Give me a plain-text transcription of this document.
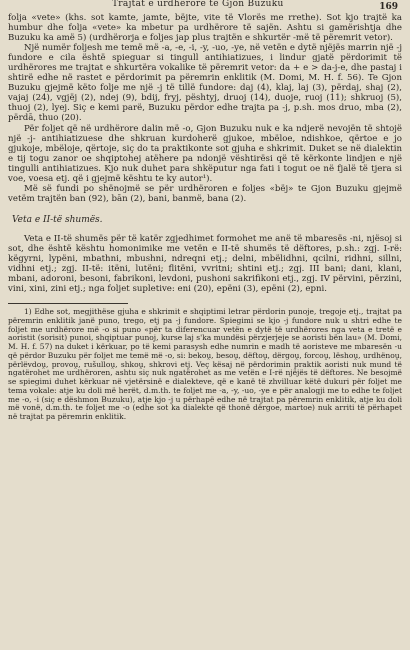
Trajtat e urdhërore te Gjon Buzuku	169

folja «vete» (khs. sot kamte, jamte, bëjte, vite të Vlorës me rrethe). Sot kjo trajtë ka humbur dhe folja «vete» ka mbetur pa urdhërore të sajën. Ashtu si gamërishtja dhe Buzuku ka amë 5) (urdhërorja e foljes jap plus trajtën e shkurtër -më të përemrit vetor).

Një numër foljesh me temë më -a, -e, -i, -y, -uo, -ye, në vetën e dytë njëjës marrin një -j fundore e cila është spieguar si tingull antihiatizues, i lindur gjatë përdorimit të urdhërores me trajtat e shkurtëra vokalike të përemrit vetor: da + e > da-j-e, dhe pastaj i shtirë edhe në rastet e përdorimit pa përemrin enklitik (M. Domi, M. H. f. 56). Te Gjon Buzuku gjejmë këto folje me një -j të tillë fundore: daj (4), klaj, laj (3), përdaj, shaj (2), vajaj (24), vgjëj (2), ndej (9), bdij, fryj, pështyj, druoj (14), duoje, ruoj (11); shkruoj (5), thuoj (2), lyej. Siç e kemi parë, Buzuku përdor edhe trajta pa -j, p.sh. mos druo, mba (2), përdā, thuo (20).

Për foljet që në urdhërore dalin më -o, Gjon Buzuku nuk e ka ndjerë nevojën të shtojë një -j- antihiatizuese dhe shkruan kurdoherë gjukoe, mbëloe, ndishkoe, qërtoe e jo gjukoje, mbëloje, qërtoje, siç do ta praktikonte sot gjuha e shkrimit. Duket se në dialektin e tij togu zanor oe shqiptohej atëhere pa ndonjë vështirësi që të kërkonte lindjen e një tingulli antihiatizues. Kjo nuk duhet para shkëputur nga fati i togut oe në fjalë të tjera si voe, voesa etj. që i gjejmë kështu te ky autor¹).

Më së fundi po shënojmë se për urdhëroren e foljes «bëj» te Gjon Buzuku gjejmë vetëm trajtën ban (92), bān (2), bani, banmë, bana (2).

Veta e II-të shumës.

Veta e II-të shumës për të katër zgjedhimet formohet me anë të mbaresës -ni, njësoj si sot, dhe është kështu homonimike me vetën e II-të shumës të dëftores, p.sh.: zgj. I-rë: këgyrni, lypëni, mbathni, mbushni, ndreqni etj.; delni, mbëlidhni, qcilni, ridhni, sillni, vidhni etj.; zgj. II-të: itëni, lutëni; flitëni, vvritni; shtini etj.; zgj. III bani; dani, klani, mbani, adoroni, besoni, fabrikoni, levdoni, pushoni sakrifikoni etj., zgj. IV përvini, përzini, vini, xini, zini etj.; nga foljet supletive: eni (20), epëni (3), epëni (2), epni.

1) Edhe sot, megjithëse gjuha e shkrimit e shqiptimi letrar përdorin punoje, tregoje etj., trajtat pa përemrin enklitik janë puno, trego, etj pa -j fundore. Spiegimi se kjo -j fundore nuk u shtri edhe te foljet me urdhërore më -o si puno «për ta diferencuar vetën e dytë të urdhërores nga veta e tretë e aoristit (sorisit) punoi, shqiptuar punoj, kurse laj s'ka mundësi përzjerjeje se aoristi bën lau» (M. Domi, M. H. f. 57) na duket i kërkuar, po të kemi parasysh edhe numrin e madh të aoristeve me mbaresën -u që përdor Buzuku për foljet me temë më -o, si: bekoṷ, besoṷ, dëftoṷ, dërgoṷ, forcoṷ, lëshoṷ, urdhënoṷ, përlëvdoṷ, provoṷ, rušulloṷ, shkoṷ, shkrovi etj. Veç kësaj në përdorimin praktik aoristi nuk mund të ngatërohet me urdhëroren, ashtu siç nuk ngatërohet as me vetën e I-rë njëjës të dëftores. Ne besojmë se spiegimi duhet kërkuar në vjetërsinë e dialekteve, që e kanë të zhvilluar këtë dukuri për foljet me tema vokale: atje ku doli më herët, d.m.th. te foljet me -a, -y, -uo, -ye e për analogji me to edhe te foljet me -o, -i (siç e dëshmon Buzuku), atje kjo -j u përhapë edhe në trajtat pa përemrin enklitik, atje ku doli më vonë, d.m.th. te foljet me -o (edhe sot ka dialekte që thonë dërgoe, martoe) nuk arriti të përhapet në trajtat pa përemrin enklitik.
